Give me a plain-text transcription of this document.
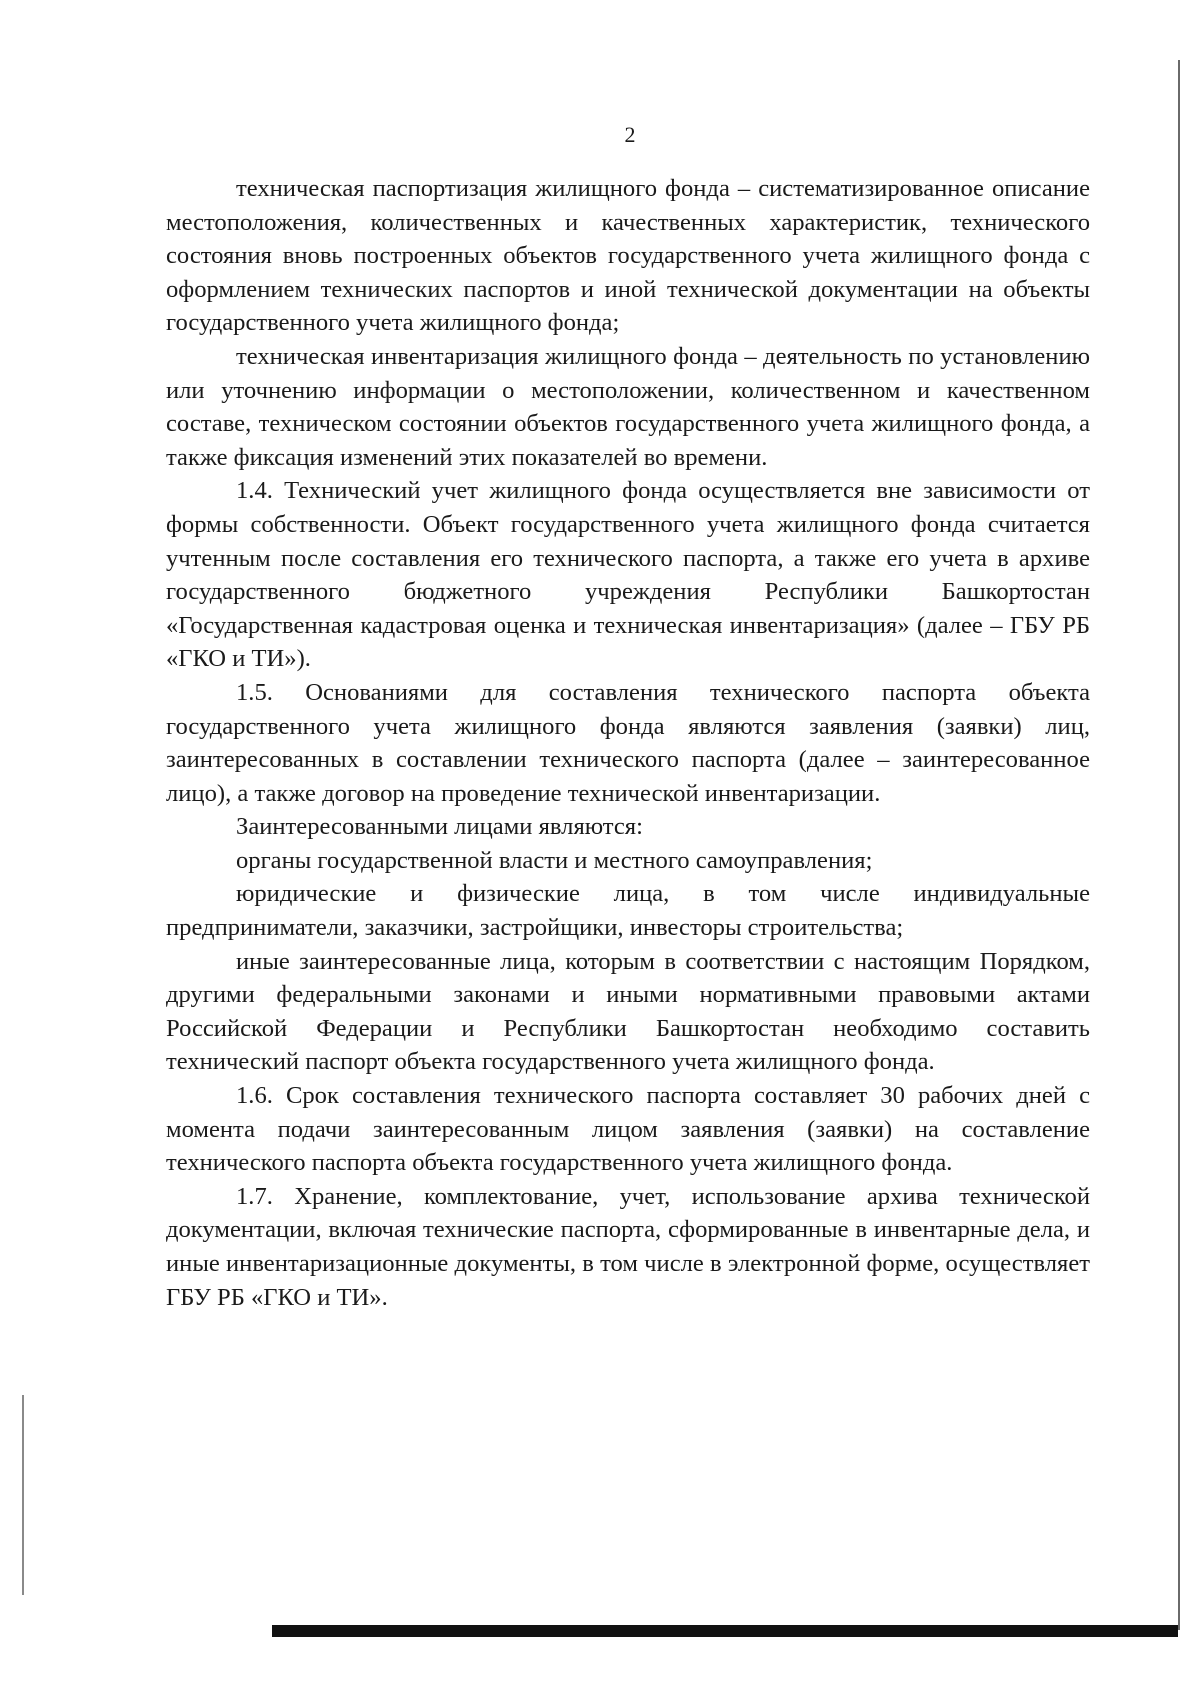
2

техническая паспортизация жилищного фонда – систематизированное описание местоположения, количественных и качественных характеристик, технического состояния вновь построенных объектов государственного учета жилищного фонда с оформлением технических паспортов и иной технической документации на объекты государственного учета жилищного фонда;

техническая инвентаризация жилищного фонда – деятельность по установлению или уточнению информации о местоположении, количественном и качественном составе, техническом состоянии объектов государственного учета жилищного фонда, а также фиксация изменений этих показателей во времени.

1.4. Технический учет жилищного фонда осуществляется вне зависимости от формы собственности. Объект государственного учета жилищного фонда считается учтенным после составления его технического паспорта, а также его учета в архиве государственного бюджетного учреждения Республики Башкортостан «Государственная кадастровая оценка и техническая инвентаризация» (далее – ГБУ РБ «ГКО и ТИ»).

1.5. Основаниями для составления технического паспорта объекта государственного учета жилищного фонда являются заявления (заявки) лиц, заинтересованных в составлении технического паспорта (далее – заинтересованное лицо), а также договор на проведение технической инвентаризации.

Заинтересованными лицами являются:

органы государственной власти и местного самоуправления;

юридические и физические лица, в том числе индивидуальные предприниматели, заказчики, застройщики, инвесторы строительства;

иные заинтересованные лица, которым в соответствии с настоящим Порядком, другими федеральными законами и иными нормативными правовыми актами Российской Федерации и Республики Башкортостан необходимо составить технический паспорт объекта государственного учета жилищного фонда.

1.6. Срок составления технического паспорта составляет 30 рабочих дней с момента подачи заинтересованным лицом заявления (заявки) на составление технического паспорта объекта государственного учета жилищного фонда.

1.7. Хранение, комплектование, учет, использование архива технической документации, включая технические паспорта, сформированные в инвентарные дела, и иные инвентаризационные документы, в том числе в электронной форме, осуществляет ГБУ РБ «ГКО и ТИ».
